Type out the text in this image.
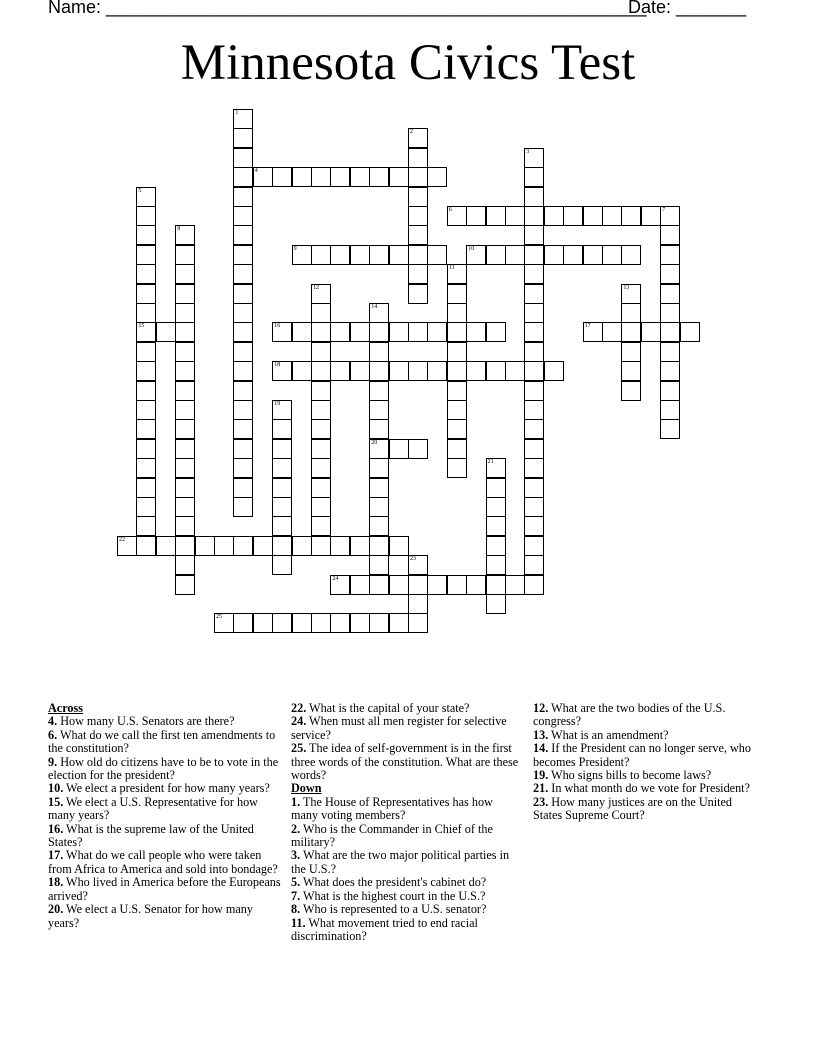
Name: ______________________________________________________
Date: _______
Minnesota Civics Test
4
6	7
9	10
15	16	17
18
20
22
24
25
1
2
3
5
8
11
12	13
14
19
21
23
Across
4. How many U.S. Senators are there?
6. What do we call the first ten amendments to the constitution?
9. How old do citizens have to be to vote in the election for the president?
10. We elect a president for how many years?
15. We elect a U.S. Representative for how many years?
16. What is the supreme law of the United States?
17. What do we call people who were taken from Africa to America and sold into bondage?
18. Who lived in America before the Europeans arrived?
20. We elect a U.S. Senator for how many years?
22. What is the capital of your state?
24. When must all men register for selective service?
25. The idea of self-government is in the first three words of the constitution. What are these words?
Down
1. The House of Representatives has how many voting members?
2. Who is the Commander in Chief of the military?
3. What are the two major political parties in the U.S.?
5. What does the president's cabinet do?
7. What is the highest court in the U.S.?
8. Who is represented to a U.S. senator?
11. What movement tried to end racial discrimination?
12. What are the two bodies of the U.S. congress?
13. What is an amendment?
14. If the President can no longer serve, who becomes President?
19. Who signs bills to become laws?
21. In what month do we vote for President?
23. How many justices are on the United States Supreme Court?
